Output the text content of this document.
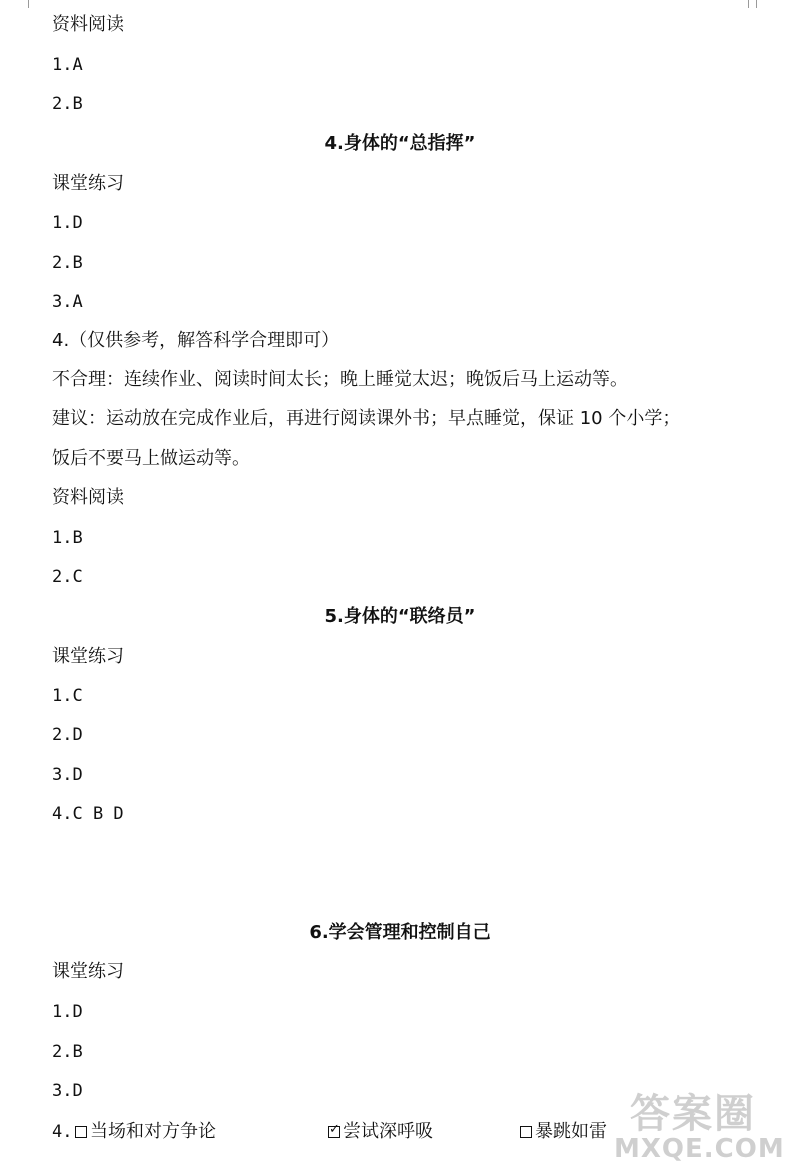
资料阅读
1.A
2.B
4.身体的“总指挥”
课堂练习
1.D
2.B
3.A
4.（仅供参考，解答科学合理即可）
不合理：连续作业、阅读时间太长；晚上睡觉太迟；晚饭后马上运动等。
建议：运动放在完成作业后，再进行阅读课外书；早点睡觉，保证 10 个小学；
饭后不要马上做运动等。
资料阅读
1.B
2.C
5.身体的“联络员”
课堂练习
1.C
2.D
3.D
4.C B D
6.学会管理和控制自己
课堂练习
1.D
2.B
3.D
4. 当场和对方争论	✓ 尝试深呼吸	暴跳如雷 答案圈
MXQE.COM
